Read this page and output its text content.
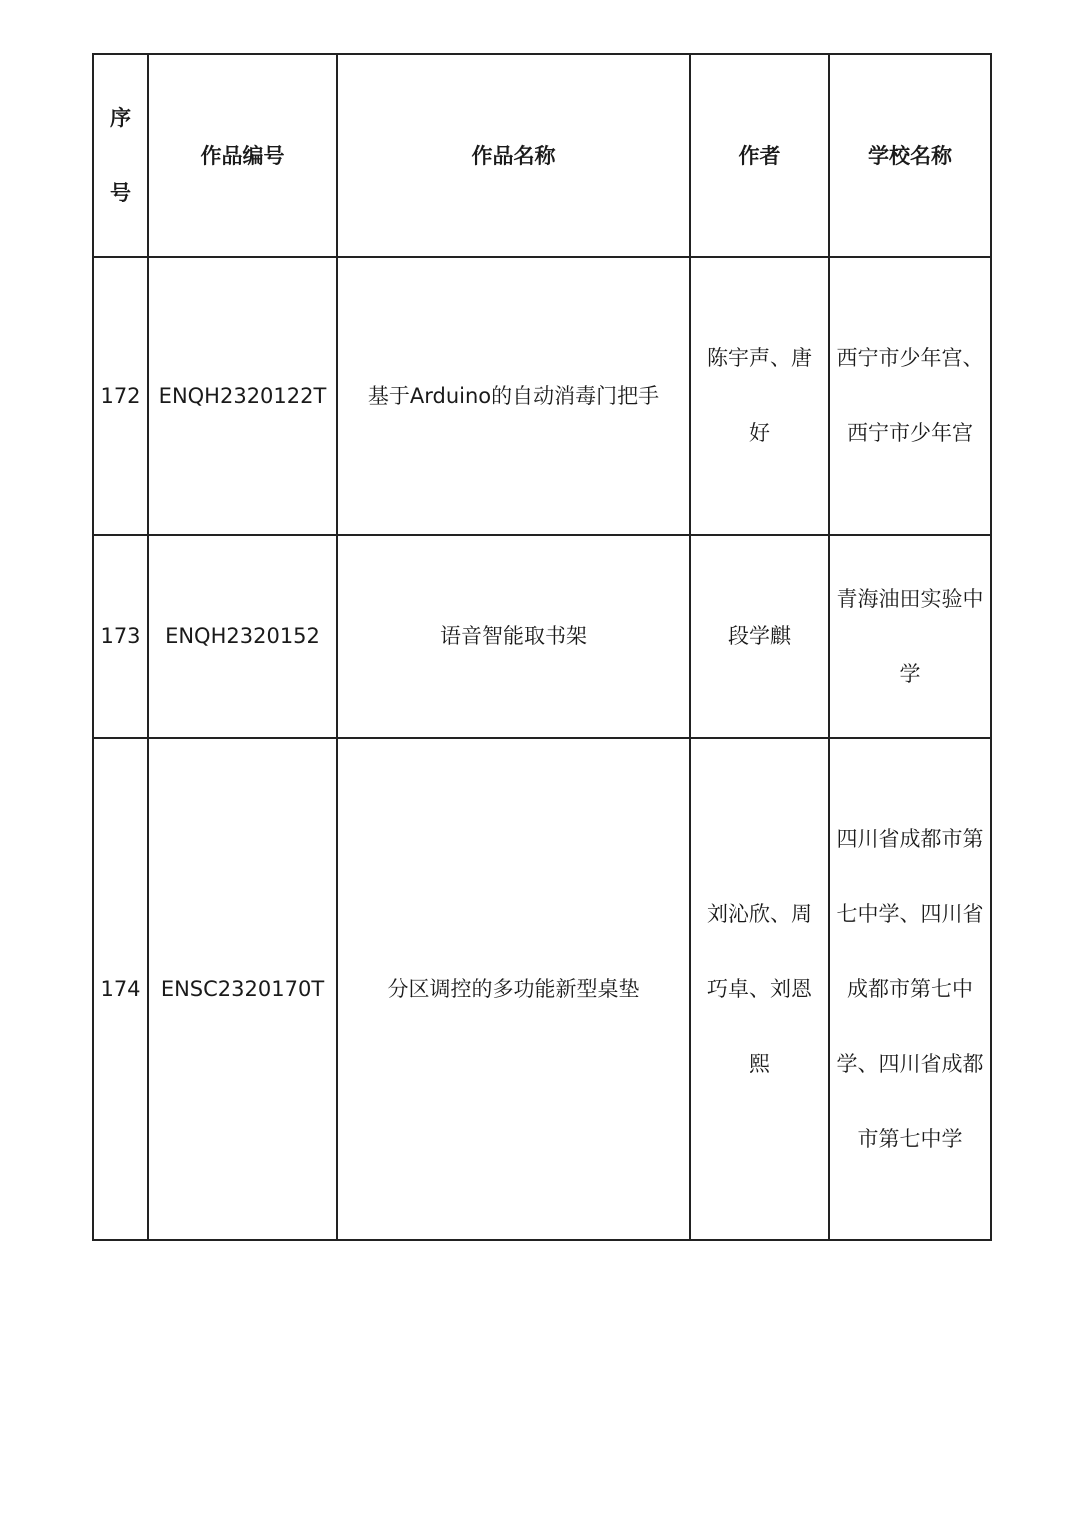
序号	作品编号	作品名称	作者	学校名称
172	ENQH2320122T	基于Arduino的自动消毒门把手	陈宇声、唐好	西宁市少年宫、西宁市少年宫
173	ENQH2320152	语音智能取书架	段学麒	青海油田实验中学
174	ENSC2320170T	分区调控的多功能新型桌垫	刘沁欣、周巧卓、刘恩熙	四川省成都市第七中学、四川省成都市第七中学、四川省成都市第七中学
